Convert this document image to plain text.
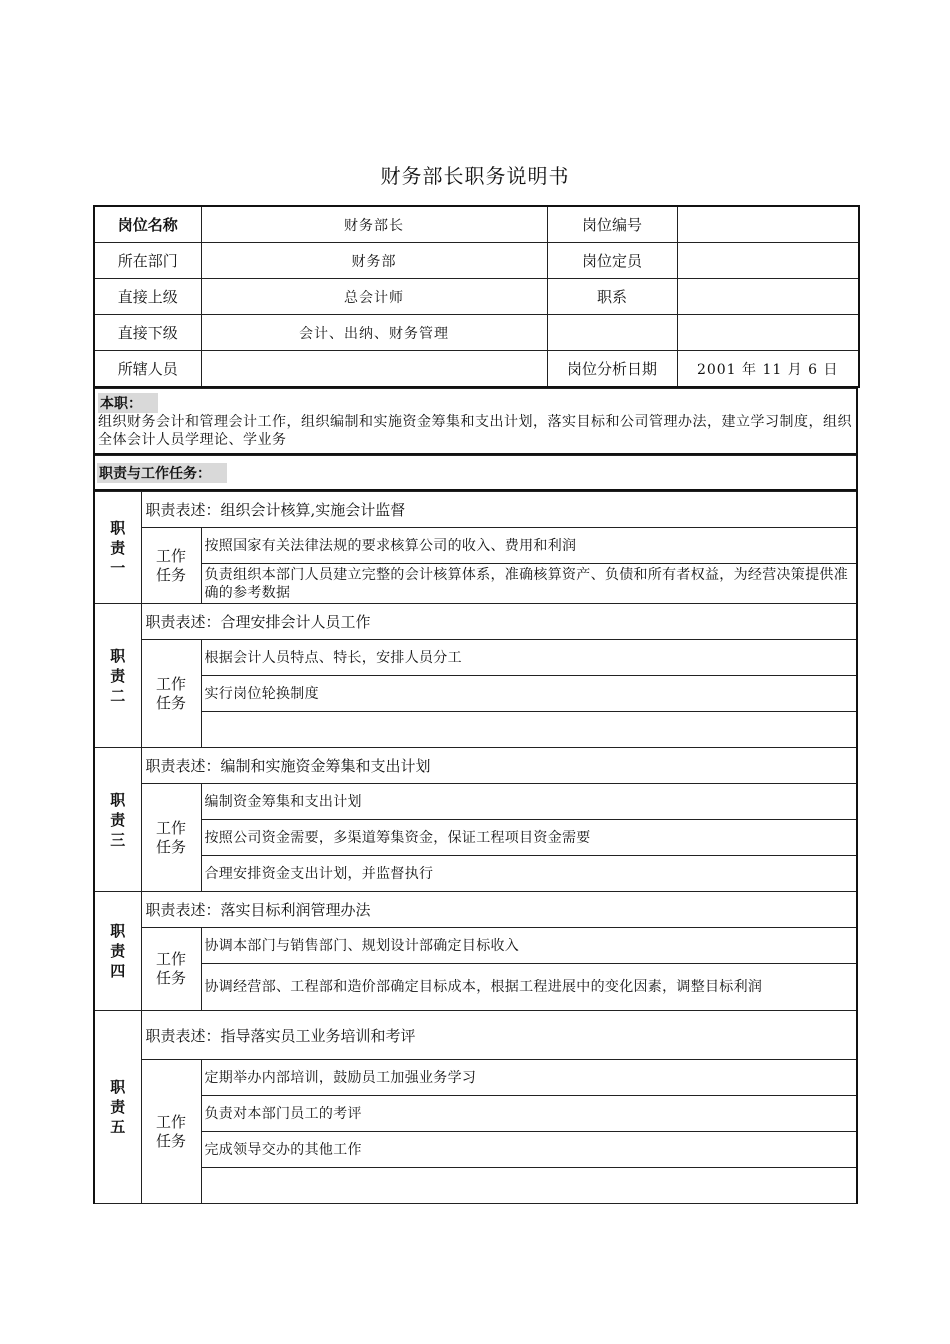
财务部长职务说明书
岗位名称	财务部长	岗位编号	
所在部门	财务部	岗位定员	
直接上级	总会计师	职系	
直接下级	会计、出纳、财务管理		
所辖人员		岗位分析日期	2001 年 11 月 6 日
本职：
组织财务会计和管理会计工作，组织编制和实施资金筹集和支出计划，落实目标和公司管理办法，建立学习制度，组织全体会计人员学理论、学业务
职责与工作任务：
职责一	职责表述：组织会计核算,实施会计监督	

	工作任务	按照国家有关法律法规的要求核算公司的收入、费用和利润
		负责组织本部门人员建立完整的会计核算体系，准确核算资产、负债和所有者权益，为经营决策提供准确的参考数据

职责二	职责表述：合理安排会计人员工作	

	工作任务	根据会计人员特点、特长，安排人员分工
		实行岗位轮换制度

职责三	职责表述：编制和实施资金筹集和支出计划	

	工作任务	编制资金筹集和支出计划
		按照公司资金需要，多渠道筹集资金，保证工程项目资金需要
		合理安排资金支出计划，并监督执行

职责四	职责表述：落实目标利润管理办法	

	工作任务	协调本部门与销售部门、规划设计部确定目标收入
		协调经营部、工程部和造价部确定目标成本，根据工程进展中的变化因素，调整目标利润

职责五	职责表述：指导落实员工业务培训和考评	

	工作任务	定期举办内部培训，鼓励员工加强业务学习
		负责对本部门员工的考评
		完成领导交办的其他工作
